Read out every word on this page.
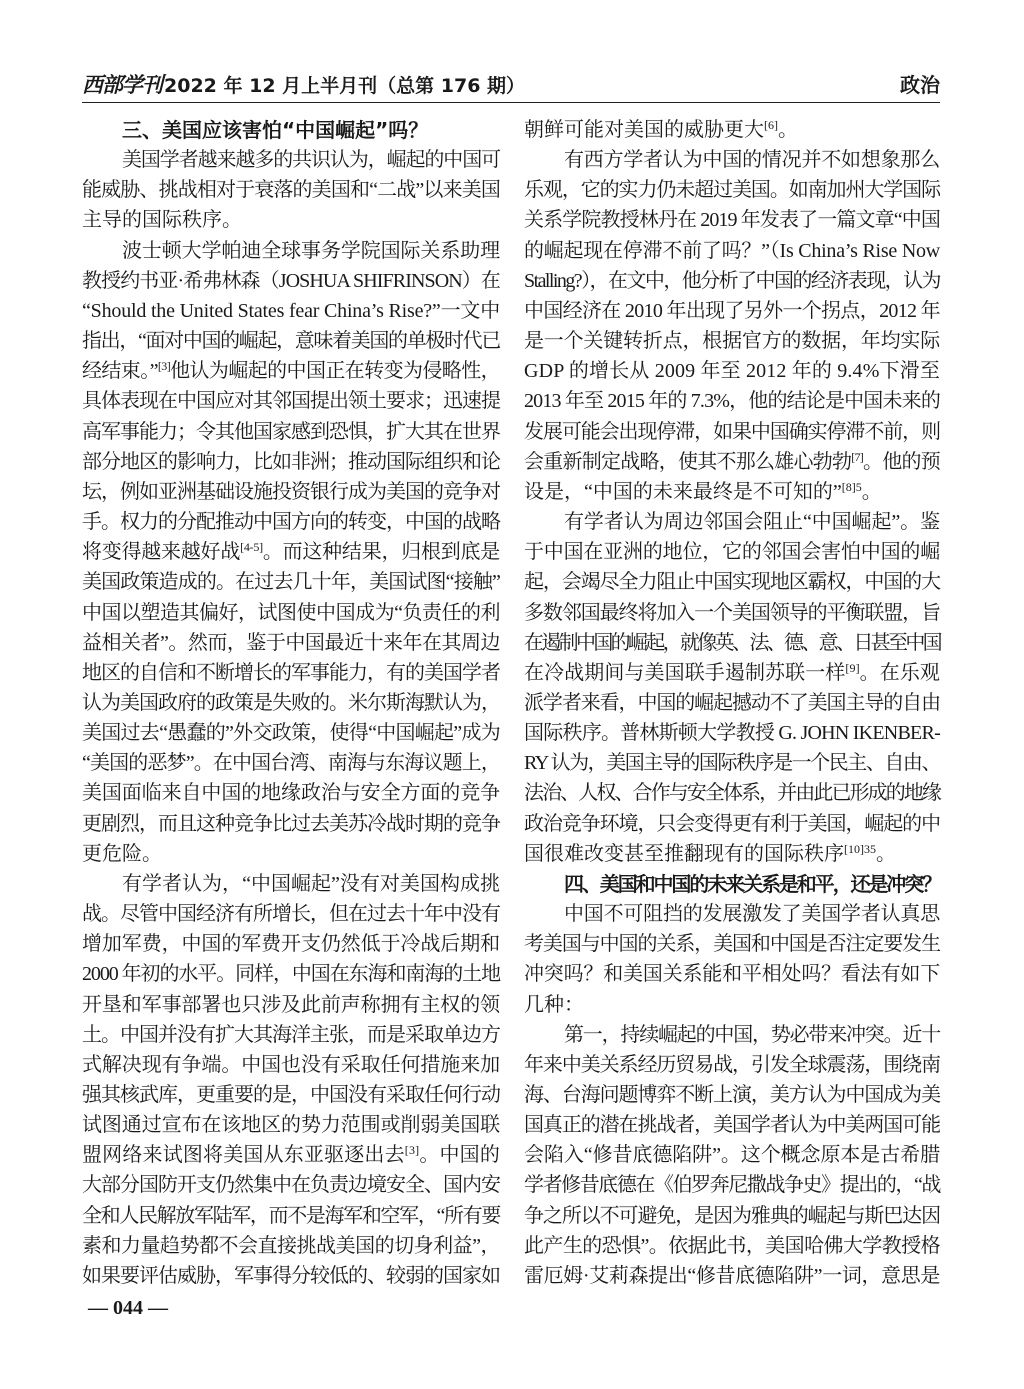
西部学刊 2022 年 12 月上半月刊（总第 176 期）	政治
三、美国应该害怕“中国崛起”吗？
美国学者越来越多的共识认为，崛起的中国可
能威胁、挑战相对于衰落的美国和“二战”以来美国
主导的国际秩序。
波士顿大学帕迪全球事务学院国际关系助理
教授约书亚·希弗林森（JOSHUA SHIFRINSON）在
“Should the United States fear China’s Rise?”一文中
指出，“面对中国的崛起，意味着美国的单极时代已
经结束。”[3]他认为崛起的中国正在转变为侵略性，
具体表现在中国应对其邻国提出领土要求；迅速提
高军事能力；令其他国家感到恐惧，扩大其在世界
部分地区的影响力，比如非洲；推动国际组织和论
坛，例如亚洲基础设施投资银行成为美国的竞争对
手。权力的分配推动中国方向的转变，中国的战略
将变得越来越好战[4-5]。而这种结果，归根到底是
美国政策造成的。在过去几十年，美国试图“接触”
中国以塑造其偏好，试图使中国成为“负责任的利
益相关者”。然而，鉴于中国最近十来年在其周边
地区的自信和不断增长的军事能力，有的美国学者
认为美国政府的政策是失败的。米尔斯海默认为，
美国过去“愚蠢的”外交政策，使得“中国崛起”成为
“美国的恶梦”。在中国台湾、南海与东海议题上，
美国面临来自中国的地缘政治与安全方面的竞争
更剧烈，而且这种竞争比过去美苏冷战时期的竞争
更危险。
有学者认为，“中国崛起”没有对美国构成挑
战。尽管中国经济有所增长，但在过去十年中没有
增加军费，中国的军费开支仍然低于冷战后期和
2000 年初的水平。同样，中国在东海和南海的土地
开垦和军事部署也只涉及此前声称拥有主权的领
土。中国并没有扩大其海洋主张，而是采取单边方
式解决现有争端。中国也没有采取任何措施来加
强其核武库，更重要的是，中国没有采取任何行动
试图通过宣布在该地区的势力范围或削弱美国联
盟网络来试图将美国从东亚驱逐出去[3]。中国的
大部分国防开支仍然集中在负责边境安全、国内安
全和人民解放军陆军，而不是海军和空军，“所有要
素和力量趋势都不会直接挑战美国的切身利益”，
如果要评估威胁，军事得分较低的、较弱的国家如
朝鲜可能对美国的威胁更大[6]。
有西方学者认为中国的情况并不如想象那么
乐观，它的实力仍未超过美国。如南加州大学国际
关系学院教授林丹在 2019 年发表了一篇文章“中国
的崛起现在停滞不前了吗？”（Is China’s Rise Now
Stalling?），在文中，他分析了中国的经济表现，认为
中国经济在 2010 年出现了另外一个拐点，2012 年
是一个关键转折点，根据官方的数据，年均实际
GDP 的增长从 2009 年至 2012 年的 9.4%下滑至
2013 年至 2015 年的 7.3%，他的结论是中国未来的
发展可能会出现停滞，如果中国确实停滞不前，则
会重新制定战略，使其不那么雄心勃勃[7]。他的预
设是，“中国的未来最终是不可知的”$^{[8]5}$。
有学者认为周边邻国会阻止“中国崛起”。鉴
于中国在亚洲的地位，它的邻国会害怕中国的崛
起，会竭尽全力阻止中国实现地区霸权，中国的大
多数邻国最终将加入一个美国领导的平衡联盟，旨
在遏制中国的崛起，就像英、法、德、意、日甚至中国
在冷战期间与美国联手遏制苏联一样[9]。在乐观
派学者来看，中国的崛起撼动不了美国主导的自由
国际秩序。普林斯顿大学教授 G. JOHN IKENBER-
RY 认为，美国主导的国际秩序是一个民主、自由、
法治、人权、合作与安全体系，并由此已形成的地缘
政治竞争环境，只会变得更有利于美国，崛起的中
国很难改变甚至推翻现有的国际秩序$^{[10]35}$。
四、美国和中国的未来关系是和平，还是冲突？
中国不可阻挡的发展激发了美国学者认真思
考美国与中国的关系，美国和中国是否注定要发生
冲突吗？和美国关系能和平相处吗？看法有如下
几种：
第一，持续崛起的中国，势必带来冲突。近十
年来中美关系经历贸易战，引发全球震荡，围绕南
海、台海问题博弈不断上演，美方认为中国成为美
国真正的潜在挑战者，美国学者认为中美两国可能
会陷入“修昔底德陷阱”。这个概念原本是古希腊
学者修昔底德在《伯罗奔尼撒战争史》提出的，“战
争之所以不可避免，是因为雅典的崛起与斯巴达因
此产生的恐惧”。依据此书，美国哈佛大学教授格
雷厄姆·艾莉森提出“修昔底德陷阱”一词，意思是
— 044 —
